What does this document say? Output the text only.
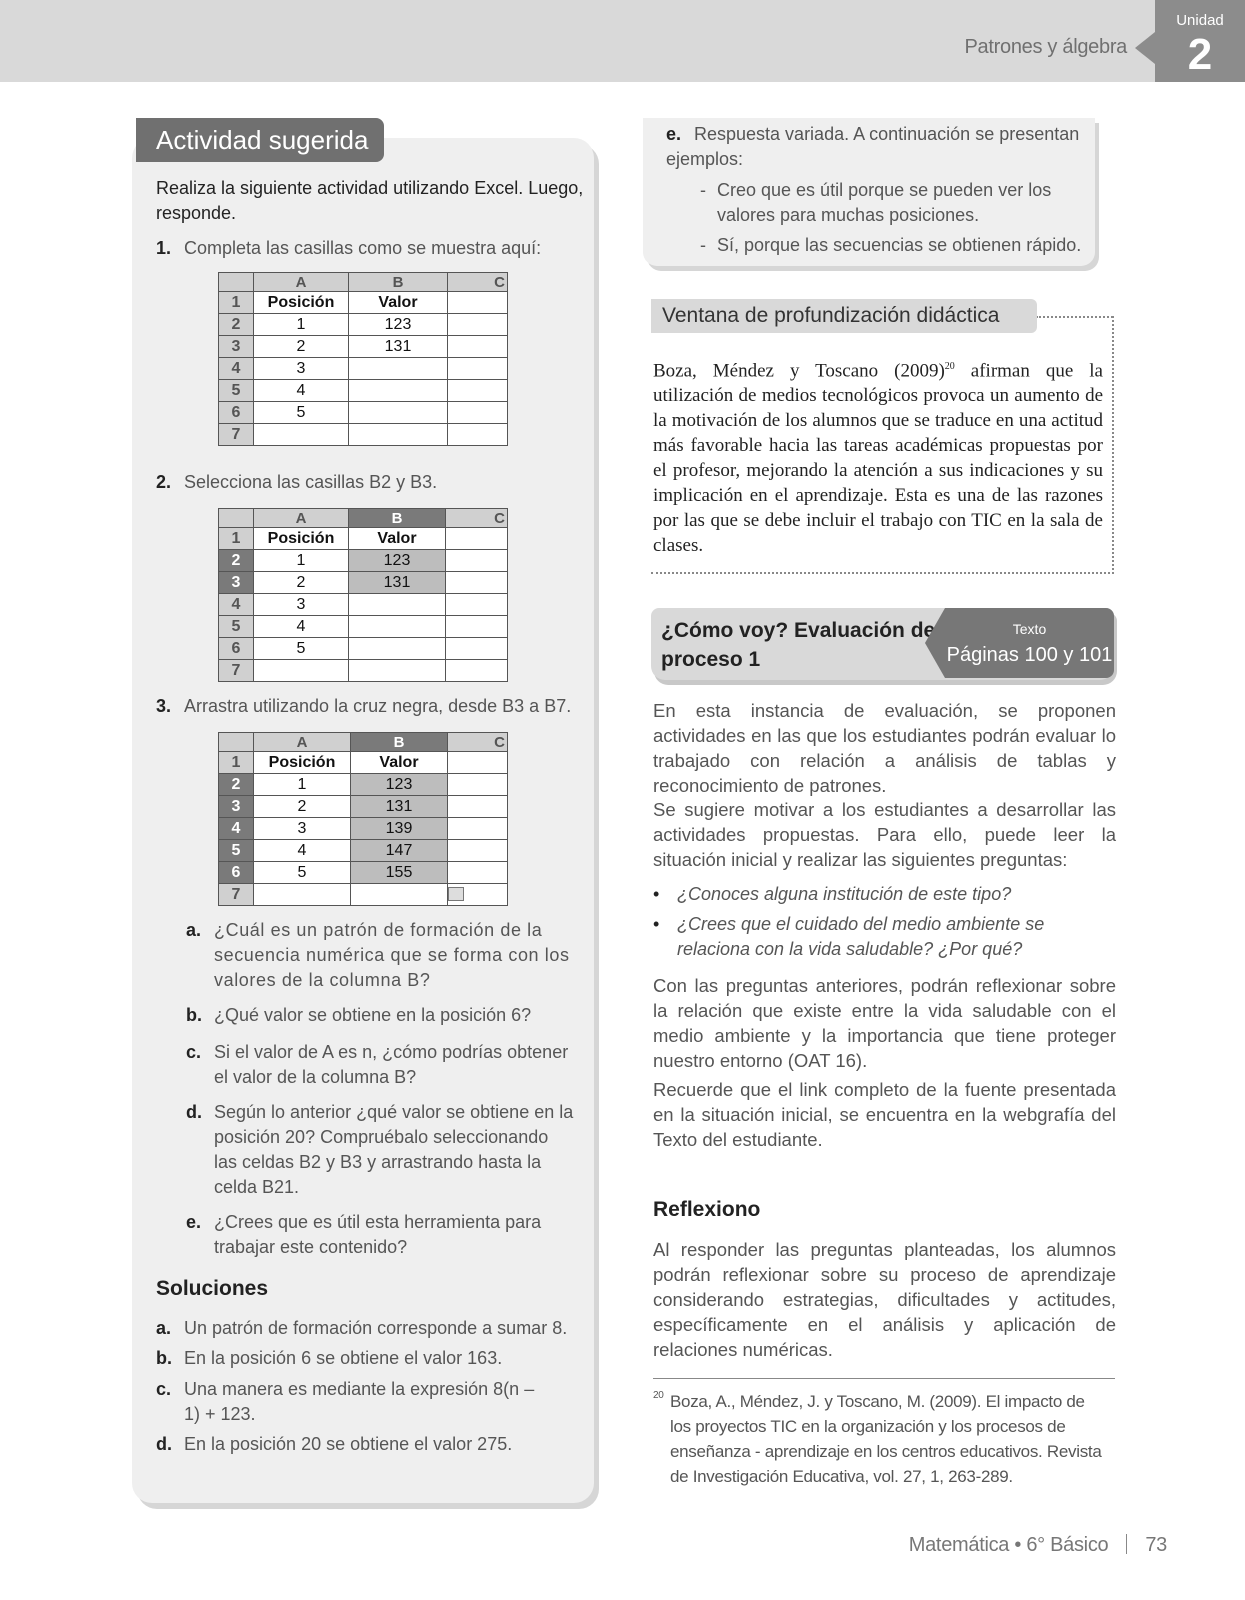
Patrones y álgebra
Unidad
2
Actividad sugerida
Realiza la siguiente actividad utilizando Excel. Luego, responde.
1. Completa las casillas como se muestra aquí:
	A	B	C
1	Posición	Valor	
2	1	123	
3	2	131	
4	3		
5	4		
6	5		
7			
2. Selecciona las casillas B2 y B3.
	A	B	C
1	Posición	Valor	
2	1	123	
3	2	131	
4	3		
5	4		
6	5		
7			
3. Arrastra utilizando la cruz negra, desde B3 a B7.
	A	B	C
1	Posición	Valor	
2	1	123	
3	2	131	
4	3	139	
5	4	147	
6	5	155	
7			
a. ¿Cuál es un patrón de formación de la secuencia numérica que se forma con los valores de la columna B?
b. ¿Qué valor se obtiene en la posición 6?
c. Si el valor de A es n, ¿cómo podrías obtener el valor de la columna B?
d. Según lo anterior ¿qué valor se obtiene en la posición 20? Compruébalo seleccionando las celdas B2 y B3 y arrastrando hasta la celda B21.
e. ¿Crees que es útil esta herramienta para trabajar este contenido?
Soluciones
a. Un patrón de formación corresponde a sumar 8.
b. En la posición 6 se obtiene el valor 163.
c. Una manera es mediante la expresión 8(n – 1) + 123.
d. En la posición 20 se obtiene el valor 275.
e. Respuesta variada. A continuación se presentan ejemplos:
- Creo que es útil porque se pueden ver los valores para muchas posiciones.
- Sí, porque las secuencias se obtienen rápido.
Ventana de profundización didáctica
Boza, Méndez y Toscano $(2009)^{20}$ afirman que la utilización de medios tecnológicos provoca un aumento de la motivación de los alumnos que se traduce en una actitud más favorable hacia las tareas académicas propuestas por el profesor, mejorando la atención a sus indicaciones y su implicación en el aprendizaje. Esta es una de las razones por las que se debe incluir el trabajo con TIC en la sala de clases.
¿Cómo voy? Evaluación de proceso 1
Texto
Páginas 100 y 101
En esta instancia de evaluación, se proponen actividades en las que los estudiantes podrán evaluar lo trabajado con relación a análisis de tablas y reconocimiento de patrones.
Se sugiere motivar a los estudiantes a desarrollar las actividades propuestas. Para ello, puede leer la situación inicial y realizar las siguientes preguntas:
• ¿Conoces alguna institución de este tipo?
• ¿Crees que el cuidado del medio ambiente se relaciona con la vida saludable? ¿Por qué?
Con las preguntas anteriores, podrán reflexionar sobre la relación que existe entre la vida saludable con el medio ambiente y la importancia que tiene proteger nuestro entorno (OAT 16).
Recuerde que el link completo de la fuente presentada en la situación inicial, se encuentra en la webgrafía del Texto del estudiante.
Reflexiono
Al responder las preguntas planteadas, los alumnos podrán reflexionar sobre su proceso de aprendizaje considerando estrategias, dificultades y actitudes, específicamente en el análisis y aplicación de relaciones numéricas.
20 Boza, A., Méndez, J. y Toscano, M. (2009). El impacto de los proyectos TIC en la organización y los procesos de enseñanza - aprendizaje en los centros educativos. Revista de Investigación Educativa, vol. 27, 1, 263-289.
Matemática • 6° Básico 73
